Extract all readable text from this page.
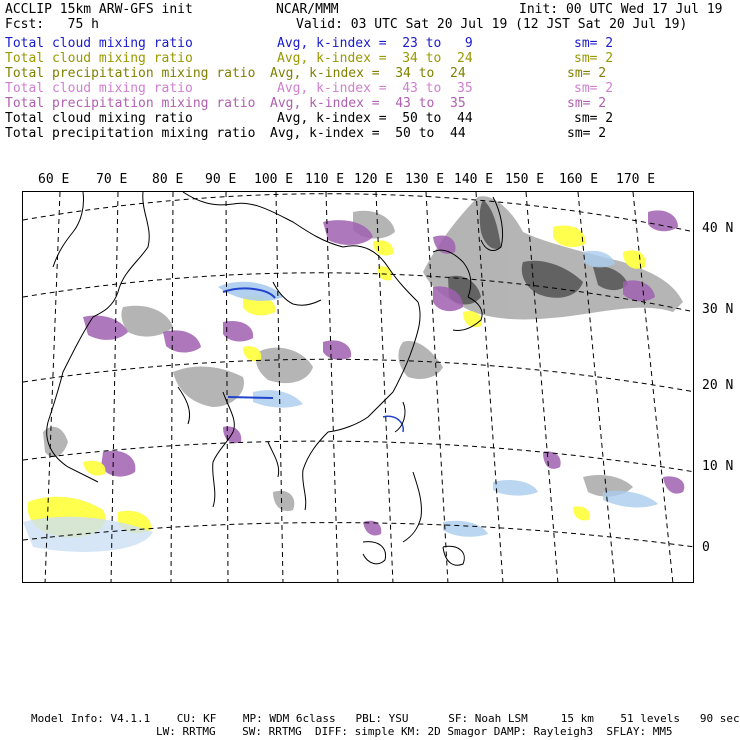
ACCLIP 15km ARW-GFS init	NCAR/MMM	Init: 00 UTC Wed 17 Jul 19
Fcst:   75 h	Valid: 03 UTC Sat 20 Jul 19 (12 JST Sat 20 Jul 19)
Total cloud mixing ratio	Avg, k-index =  23 to   9	sm= 2
Total cloud mixing ratio	Avg, k-index =  34 to  24	sm= 2
Total precipitation mixing ratio Avg, k-index =  34 to  24	sm= 2
Total cloud mixing ratio	Avg, k-index =  43 to  35	sm= 2
Total precipitation mixing ratio Avg, k-index =  43 to  35	sm= 2
Total cloud mixing ratio	Avg, k-index =  50 to  44	sm= 2
Total precipitation mixing ratio Avg, k-index =  50 to  44	sm= 2
60 E 70 E 80 E 90 E 100 E 110 E 120 E 130 E 140 E 150 E 160 E 170 E
40 N
30 N
20 N
10 N
0
Model Info: V4.1.1    CU: KF    MP: WDM 6class   PBL: YSU      SF: Noah LSM     15 km    51 levels   90 sec
LW: RRTMG    SW: RRTMG  DIFF: simple KM: 2D Smagor DAMP: Rayleigh3  SFLAY: MM5
